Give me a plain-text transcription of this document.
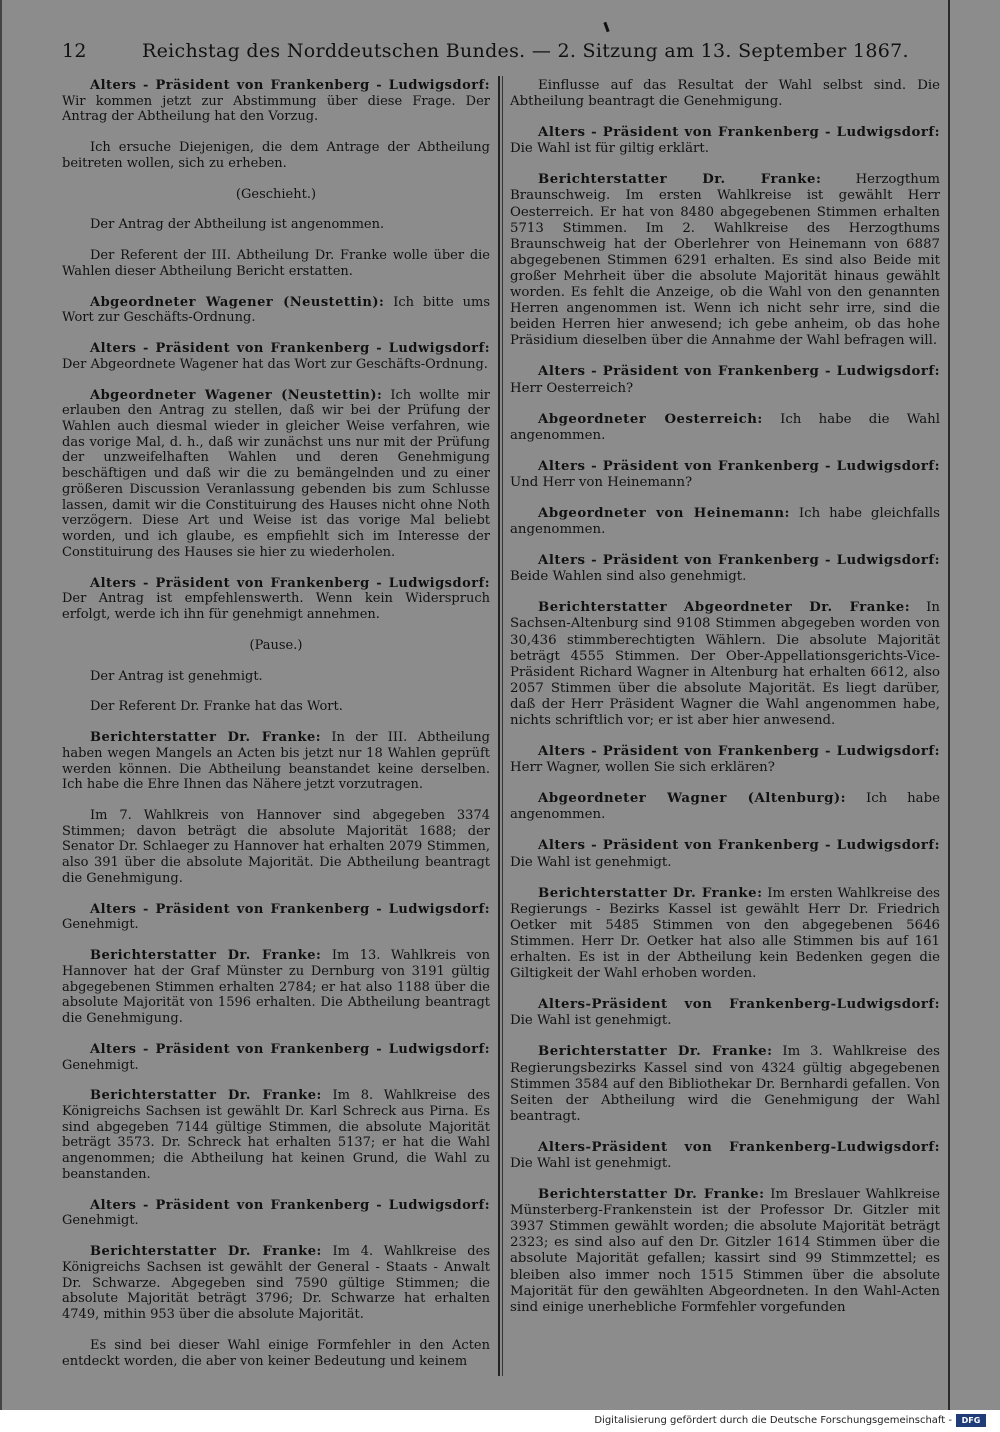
12	Reichstag des Norddeutschen Bundes. — 2. Sitzung am 13. September 1867.

Alters - Präsident von Frankenberg - Ludwigsdorf: Wir kommen jetzt zur Abstimmung über diese Frage. Der Antrag der Abtheilung hat den Vorzug.

Ich ersuche Diejenigen, die dem Antrage der Abtheilung beitreten wollen, sich zu erheben.

(Geschieht.)

Der Antrag der Abtheilung ist angenommen.

Der Referent der III. Abtheilung Dr. Franke wolle über die Wahlen dieser Abtheilung Bericht erstatten.

Abgeordneter Wagener (Neustettin): Ich bitte ums Wort zur Geschäfts-Ordnung.

Alters - Präsident von Frankenberg - Ludwigsdorf: Der Abgeordnete Wagener hat das Wort zur Geschäfts-Ordnung.

Abgeordneter Wagener (Neustettin): Ich wollte mir erlauben den Antrag zu stellen, daß wir bei der Prüfung der Wahlen auch diesmal wieder in gleicher Weise verfahren, wie das vorige Mal, d. h., daß wir zunächst uns nur mit der Prüfung der unzweifelhaften Wahlen und deren Genehmigung beschäftigen und daß wir die zu bemängelnden und zu einer größeren Discussion Veranlassung gebenden bis zum Schlusse lassen, damit wir die Constituirung des Hauses nicht ohne Noth verzögern. Diese Art und Weise ist das vorige Mal beliebt worden, und ich glaube, es empfiehlt sich im Interesse der Constituirung des Hauses sie hier zu wiederholen.

Alters - Präsident von Frankenberg - Ludwigsdorf: Der Antrag ist empfehlenswerth. Wenn kein Widerspruch erfolgt, werde ich ihn für genehmigt annehmen.

(Pause.)

Der Antrag ist genehmigt.

Der Referent Dr. Franke hat das Wort.

Berichterstatter Dr. Franke: In der III. Abtheilung haben wegen Mangels an Acten bis jetzt nur 18 Wahlen geprüft werden können. Die Abtheilung beanstandet keine derselben. Ich habe die Ehre Ihnen das Nähere jetzt vorzutragen.

Im 7. Wahlkreis von Hannover sind abgegeben 3374 Stimmen; davon beträgt die absolute Majorität 1688; der Senator Dr. Schlaeger zu Hannover hat erhalten 2079 Stimmen, also 391 über die absolute Majorität. Die Abtheilung beantragt die Genehmigung.

Alters - Präsident von Frankenberg - Ludwigsdorf: Genehmigt.

Berichterstatter Dr. Franke: Im 13. Wahlkreis von Hannover hat der Graf Münster zu Dernburg von 3191 gültig abgegebenen Stimmen erhalten 2784; er hat also 1188 über die absolute Majorität von 1596 erhalten. Die Abtheilung beantragt die Genehmigung.

Alters - Präsident von Frankenberg - Ludwigsdorf: Genehmigt.

Berichterstatter Dr. Franke: Im 8. Wahlkreise des Königreichs Sachsen ist gewählt Dr. Karl Schreck aus Pirna. Es sind abgegeben 7144 gültige Stimmen, die absolute Majorität beträgt 3573. Dr. Schreck hat erhalten 5137; er hat die Wahl angenommen; die Abtheilung hat keinen Grund, die Wahl zu beanstanden.

Alters - Präsident von Frankenberg - Ludwigsdorf: Genehmigt.

Berichterstatter Dr. Franke: Im 4. Wahlkreise des Königreichs Sachsen ist gewählt der General - Staats - Anwalt Dr. Schwarze. Abgegeben sind 7590 gültige Stimmen; die absolute Majorität beträgt 3796; Dr. Schwarze hat erhalten 4749, mithin 953 über die absolute Majorität.

Es sind bei dieser Wahl einige Formfehler in den Acten entdeckt worden, die aber von keiner Bedeutung und keinem

Einflusse auf das Resultat der Wahl selbst sind. Die Abtheilung beantragt die Genehmigung.

Alters - Präsident von Frankenberg - Ludwigsdorf: Die Wahl ist für giltig erklärt.

Berichterstatter Dr. Franke:	Herzogthum Braunschweig. Im ersten Wahlkreise ist gewählt Herr Oesterreich. Er hat von 8480 abgegebenen Stimmen erhalten 5713 Stimmen. Im 2. Wahlkreise des Herzogthums Braunschweig hat der Oberlehrer von Heinemann von 6887 abgegebenen Stimmen 6291 erhalten. Es sind also Beide mit großer Mehrheit über die absolute Majorität hinaus gewählt worden. Es fehlt die Anzeige, ob die Wahl von den genannten Herren angenommen ist. Wenn ich nicht sehr irre, sind die beiden Herren hier anwesend; ich gebe anheim, ob das hohe Präsidium dieselben über die Annahme der Wahl befragen will.

Alters - Präsident von Frankenberg - Ludwigsdorf: Herr Oesterreich?

Abgeordneter Oesterreich: Ich habe die Wahl angenommen.

Alters - Präsident von Frankenberg - Ludwigsdorf: Und Herr von Heinemann?

Abgeordneter von Heinemann: Ich habe gleichfalls angenommen.

Alters - Präsident von Frankenberg - Ludwigsdorf: Beide Wahlen sind also genehmigt.

Berichterstatter Abgeordneter Dr. Franke: In Sachsen-Altenburg sind 9108 Stimmen abgegeben worden von 30,436 stimmberechtigten Wählern. Die absolute Majorität beträgt 4555 Stimmen. Der Ober-Appellationsgerichts-Vice-Präsident Richard Wagner in Altenburg hat erhalten 6612, also 2057 Stimmen über die absolute Majorität. Es liegt darüber, daß der Herr Präsident Wagner die Wahl angenommen habe, nichts schriftlich vor; er ist aber hier anwesend.

Alters - Präsident von Frankenberg - Ludwigsdorf: Herr Wagner, wollen Sie sich erklären?

Abgeordneter Wagner (Altenburg): Ich habe angenommen.

Alters - Präsident von Frankenberg - Ludwigsdorf: Die Wahl ist genehmigt.

Berichterstatter Dr. Franke: Im ersten Wahlkreise des Regierungs - Bezirks Kassel ist gewählt Herr Dr. Friedrich Oetker mit 5485 Stimmen von den abgegebenen 5646 Stimmen. Herr Dr. Oetker hat also alle Stimmen bis auf 161 erhalten. Es ist in der Abtheilung kein Bedenken gegen die Giltigkeit der Wahl erhoben worden.

Alters-Präsident von Frankenberg-Ludwigsdorf: Die Wahl ist genehmigt.

Berichterstatter Dr. Franke: Im 3. Wahlkreise des Regierungsbezirks Kassel sind von 4324 gültig abgegebenen Stimmen 3584 auf den Bibliothekar Dr. Bernhardi gefallen. Von Seiten der Abtheilung wird die Genehmigung der Wahl beantragt.

Alters-Präsident von Frankenberg-Ludwigsdorf: Die Wahl ist genehmigt.

Berichterstatter Dr. Franke: Im Breslauer Wahlkreise Münsterberg-Frankenstein ist der Professor Dr. Gitzler mit 3937 Stimmen gewählt worden; die absolute Majorität beträgt 2323; es sind also auf den Dr. Gitzler 1614 Stimmen über die absolute Majorität gefallen; kassirt sind 99 Stimmzettel; es bleiben also immer noch 1515 Stimmen über die absolute Majorität für den gewählten Abgeordneten. In den Wahl-Acten sind einige unerhebliche Formfehler vorgefunden

Digitalisierung gefördert durch die Deutsche Forschungsgemeinschaft -	DFG
